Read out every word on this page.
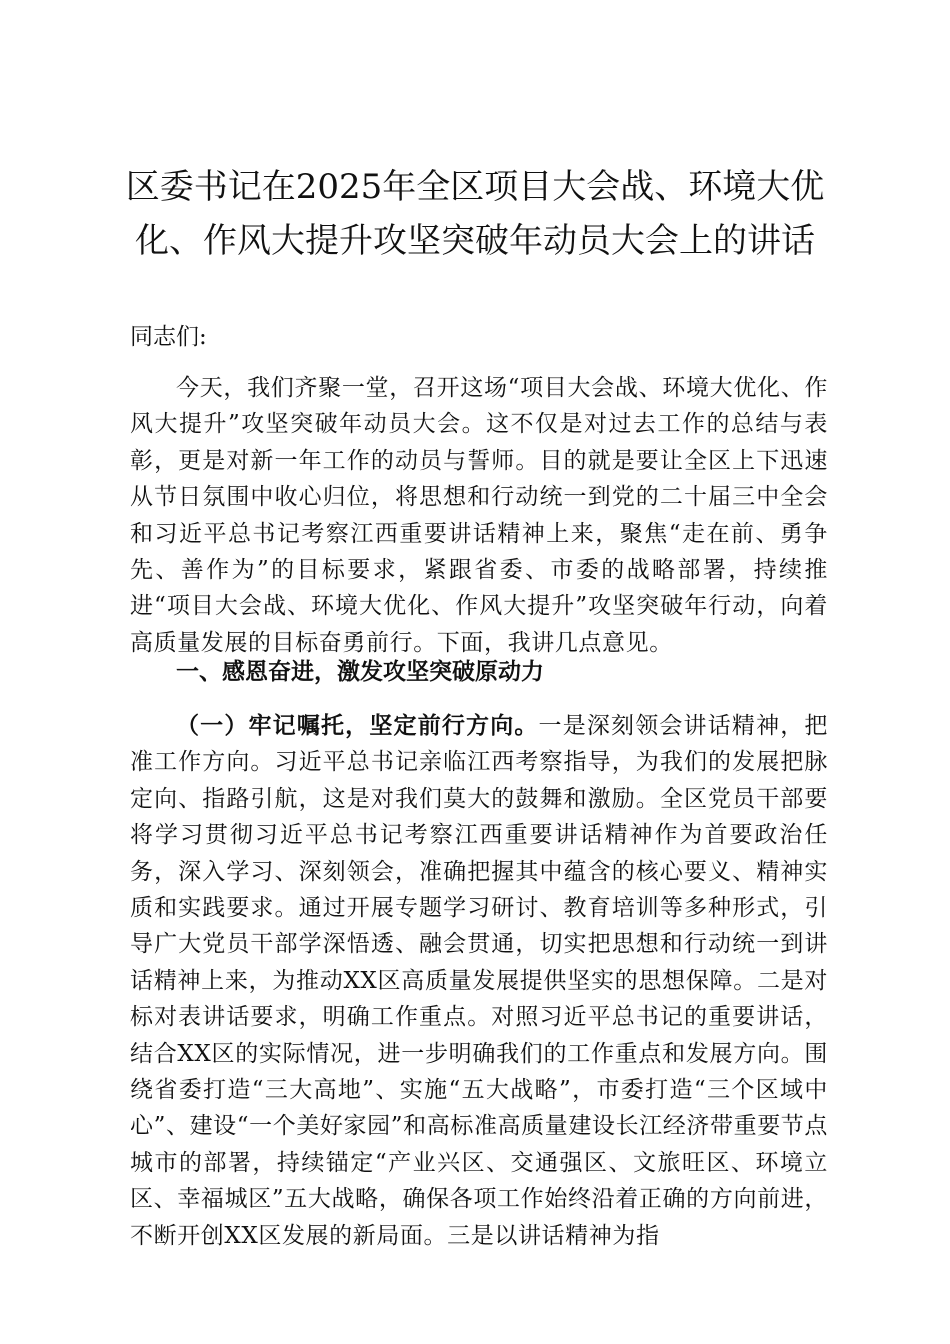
区委书记在2025年全区项目大会战、环境大优化、作风大提升攻坚突破年动员大会上的讲话

同志们:

今天，我们齐聚一堂，召开这场“项目大会战、环境大优化、作风大提升”攻坚突破年动员大会。这不仅是对过去工作的总结与表彰，更是对新一年工作的动员与誓师。目的就是要让全区上下迅速从节日氛围中收心归位，将思想和行动统一到党的二十届三中全会和习近平总书记考察江西重要讲话精神上来，聚焦“走在前、勇争先、善作为”的目标要求，紧跟省委、市委的战略部署，持续推进“项目大会战、环境大优化、作风大提升”攻坚突破年行动，向着高质量发展的目标奋勇前行。下面，我讲几点意见。

一、感恩奋进，激发攻坚突破原动力

（一）牢记嘱托，坚定前行方向。一是深刻领会讲话精神，把准工作方向。习近平总书记亲临江西考察指导，为我们的发展把脉定向、指路引航，这是对我们莫大的鼓舞和激励。全区党员干部要将学习贯彻习近平总书记考察江西重要讲话精神作为首要政治任务，深入学习、深刻领会，准确把握其中蕴含的核心要义、精神实质和实践要求。通过开展专题学习研讨、教育培训等多种形式，引导广大党员干部学深悟透、融会贯通，切实把思想和行动统一到讲话精神上来，为推动XX区高质量发展提供坚实的思想保障。二是对标对表讲话要求，明确工作重点。对照习近平总书记的重要讲话，结合XX区的实际情况，进一步明确我们的工作重点和发展方向。围绕省委打造“三大高地”、实施“五大战略”，市委打造“三个区域中心”、建设“一个美好家园”和高标准高质量建设长江经济带重要节点城市的部署，持续锚定“产业兴区、交通强区、文旅旺区、环境立区、幸福城区”五大战略，确保各项工作始终沿着正确的方向前进，不断开创XX区发展的新局面。三是以讲话精神为指
